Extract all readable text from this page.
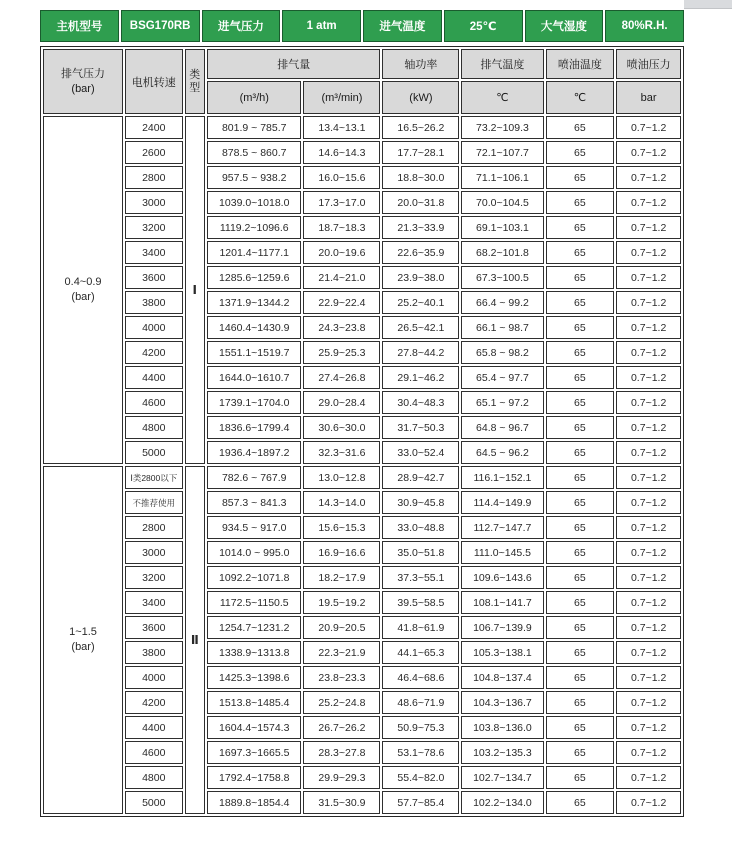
主机型号	BSG170RB	进气压力	1 atm	进气温度	25℃	大气湿度	80%R.H.
排气压力
(bar)	电机转速	类型	排气量		轴功率	排气温度	喷油温度	喷油压力
			(m³/h)	(m³/min)	(kW)	℃	℃	bar

0.4~0.9
(bar)	2400	Ⅰ	801.9 ~ 785.7	13.4~13.1	16.5~26.2	73.2~109.3	65	0.7~1.2
	2600		878.5 ~ 860.7	14.6~14.3	17.7~28.1	72.1~107.7	65	0.7~1.2
	2800		957.5 ~ 938.2	16.0~15.6	18.8~30.0	71.1~106.1	65	0.7~1.2
	3000		1039.0~1018.0	17.3~17.0	20.0~31.8	70.0~104.5	65	0.7~1.2
	3200		1119.2~1096.6	18.7~18.3	21.3~33.9	69.1~103.1	65	0.7~1.2
	3400		1201.4~1177.1	20.0~19.6	22.6~35.9	68.2~101.8	65	0.7~1.2
	3600		1285.6~1259.6	21.4~21.0	23.9~38.0	67.3~100.5	65	0.7~1.2
	3800		1371.9~1344.2	22.9~22.4	25.2~40.1	66.4 ~ 99.2	65	0.7~1.2
	4000		1460.4~1430.9	24.3~23.8	26.5~42.1	66.1 ~ 98.7	65	0.7~1.2
	4200		1551.1~1519.7	25.9~25.3	27.8~44.2	65.8 ~ 98.2	65	0.7~1.2
	4400		1644.0~1610.7	27.4~26.8	29.1~46.2	65.4 ~ 97.7	65	0.7~1.2
	4600		1739.1~1704.0	29.0~28.4	30.4~48.3	65.1 ~ 97.2	65	0.7~1.2
	4800		1836.6~1799.4	30.6~30.0	31.7~50.3	64.8 ~ 96.7	65	0.7~1.2
	5000		1936.4~1897.2	32.3~31.6	33.0~52.4	64.5 ~ 96.2	65	0.7~1.2

1~1.5
(bar)	Ⅰ类2800以下	Ⅱ	782.6 ~ 767.9	13.0~12.8	28.9~42.7	116.1~152.1	65	0.7~1.2
	不推荐使用		857.3 ~ 841.3	14.3~14.0	30.9~45.8	114.4~149.9	65	0.7~1.2
	2800		934.5 ~ 917.0	15.6~15.3	33.0~48.8	112.7~147.7	65	0.7~1.2
	3000		1014.0 ~ 995.0	16.9~16.6	35.0~51.8	111.0~145.5	65	0.7~1.2
	3200		1092.2~1071.8	18.2~17.9	37.3~55.1	109.6~143.6	65	0.7~1.2
	3400		1172.5~1150.5	19.5~19.2	39.5~58.5	108.1~141.7	65	0.7~1.2
	3600		1254.7~1231.2	20.9~20.5	41.8~61.9	106.7~139.9	65	0.7~1.2
	3800		1338.9~1313.8	22.3~21.9	44.1~65.3	105.3~138.1	65	0.7~1.2
	4000		1425.3~1398.6	23.8~23.3	46.4~68.6	104.8~137.4	65	0.7~1.2
	4200		1513.8~1485.4	25.2~24.8	48.6~71.9	104.3~136.7	65	0.7~1.2
	4400		1604.4~1574.3	26.7~26.2	50.9~75.3	103.8~136.0	65	0.7~1.2
	4600		1697.3~1665.5	28.3~27.8	53.1~78.6	103.2~135.3	65	0.7~1.2
	4800		1792.4~1758.8	29.9~29.3	55.4~82.0	102.7~134.7	65	0.7~1.2
	5000		1889.8~1854.4	31.5~30.9	57.7~85.4	102.2~134.0	65	0.7~1.2
